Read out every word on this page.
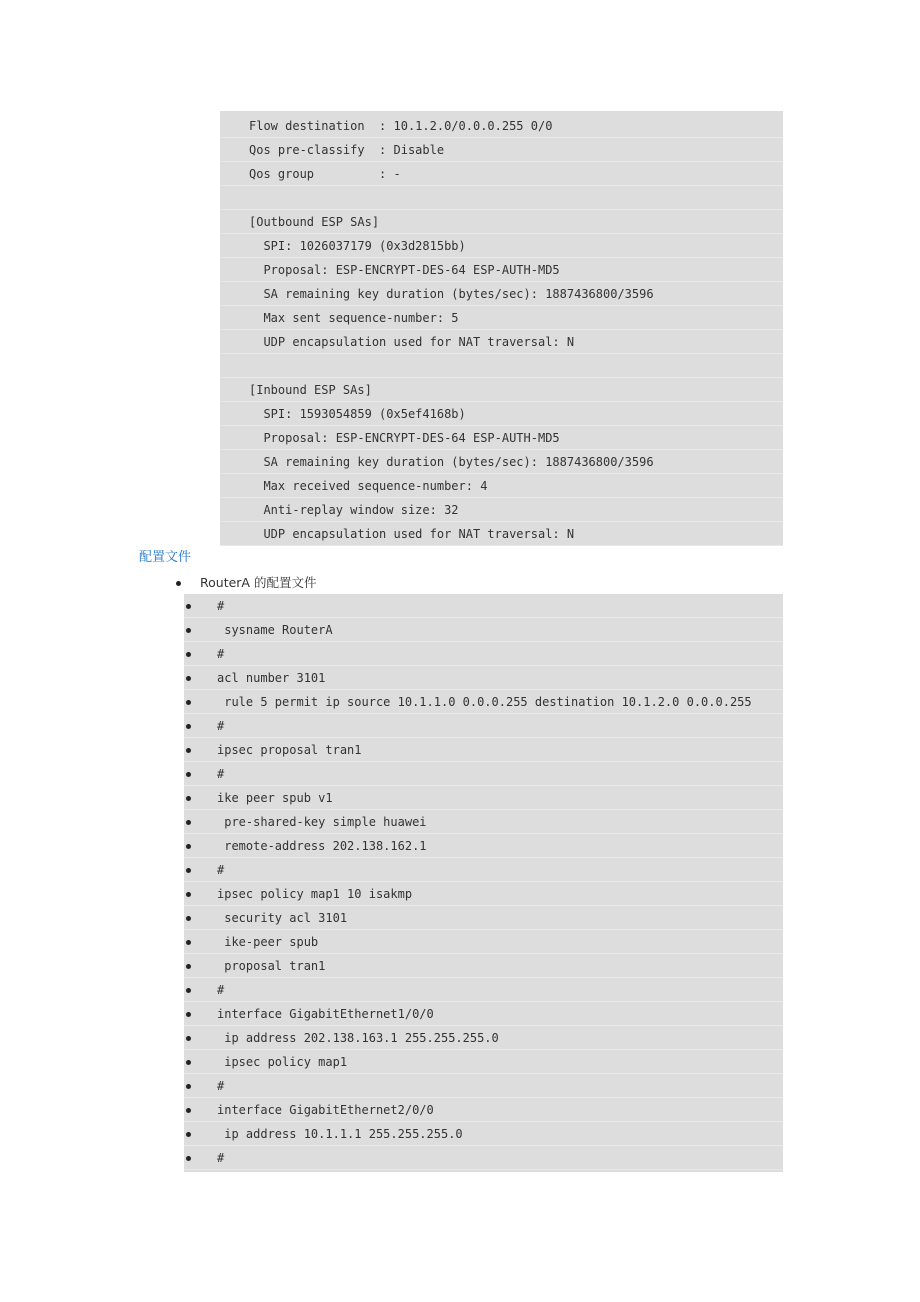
Flow destination  : 10.1.2.0/0.0.0.255 0/0
Qos pre-classify  : Disable
Qos group         : -
[Outbound ESP SAs]
SPI: 1026037179 (0x3d2815bb)
Proposal: ESP-ENCRYPT-DES-64 ESP-AUTH-MD5
SA remaining key duration (bytes/sec): 1887436800/3596
Max sent sequence-number: 5
UDP encapsulation used for NAT traversal: N
[Inbound ESP SAs]
SPI: 1593054859 (0x5ef4168b)
Proposal: ESP-ENCRYPT-DES-64 ESP-AUTH-MD5
SA remaining key duration (bytes/sec): 1887436800/3596
Max received sequence-number: 4
Anti-replay window size: 32
UDP encapsulation used for NAT traversal: N
配置文件
RouterA 的配置文件
#
sysname RouterA
#
acl number 3101
rule 5 permit ip source 10.1.1.0 0.0.0.255 destination 10.1.2.0 0.0.0.255
#
ipsec proposal tran1
#
ike peer spub v1
pre-shared-key simple huawei
remote-address 202.138.162.1
#
ipsec policy map1 10 isakmp
security acl 3101
ike-peer spub
proposal tran1
#
interface GigabitEthernet1/0/0
ip address 202.138.163.1 255.255.255.0
ipsec policy map1
#
interface GigabitEthernet2/0/0
ip address 10.1.1.1 255.255.255.0
#
